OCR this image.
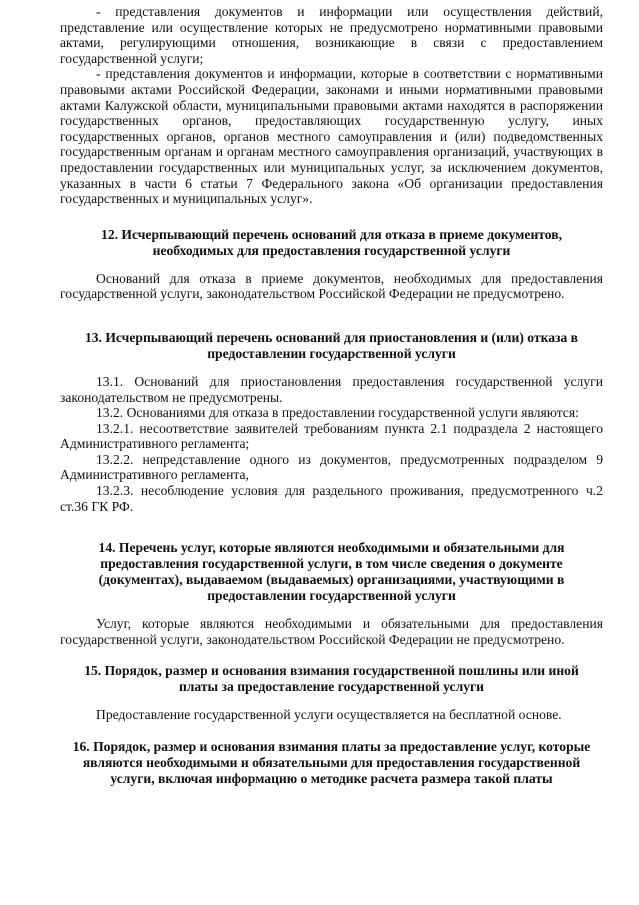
- представления документов и информации или осуществления действий, представление или осуществление которых не предусмотрено нормативными правовыми актами, регулирующими отношения, возникающие в связи с предоставлением государственной услуги;

- представления документов и информации, которые в соответствии с нормативными правовыми актами Российской Федерации, законами и иными нормативными правовыми актами Калужской области, муниципальными правовыми актами находятся в распоряжении государственных органов, предоставляющих государственную услугу, иных государственных органов, органов местного самоуправления и (или) подведомственных государственным органам и органам местного самоуправления организаций, участвующих в предоставлении государственных или муниципальных услуг, за исключением документов, указанных в части 6 статьи 7 Федерального закона «Об организации предоставления государственных и муниципальных услуг».

12. Исчерпывающий перечень оснований для отказа в приеме документов, необходимых для предоставления государственной услуги

Оснований для отказа в приеме документов, необходимых для предоставления государственной услуги, законодательством Российской Федерации не предусмотрено.

13. Исчерпывающий перечень оснований для приостановления и (или) отказа в предоставлении государственной услуги

13.1. Оснований для приостановления предоставления государственной услуги законодательством не предусмотрены.

13.2. Основаниями для отказа в предоставлении государственной услуги являются:

13.2.1. несоответствие заявителей требованиям пункта 2.1 подраздела 2 настоящего Административного регламента;

13.2.2. непредставление одного из документов, предусмотренных подразделом 9 Административного регламента,

13.2.3. несоблюдение условия для раздельного проживания, предусмотренного ч.2 ст.36 ГК РФ.

14. Перечень услуг, которые являются необходимыми и обязательными для предоставления государственной услуги, в том числе сведения о документе (документах), выдаваемом (выдаваемых) организациями, участвующими в предоставлении государственной услуги

Услуг, которые являются необходимыми и обязательными для предоставления государственной услуги, законодательством Российской Федерации не предусмотрено.

15. Порядок, размер и основания взимания государственной пошлины или иной платы за предоставление государственной услуги

Предоставление государственной услуги осуществляется на бесплатной основе.

16. Порядок, размер и основания взимания платы за предоставление услуг, которые являются необходимыми и обязательными для предоставления государственной услуги, включая информацию о методике расчета размера такой платы
